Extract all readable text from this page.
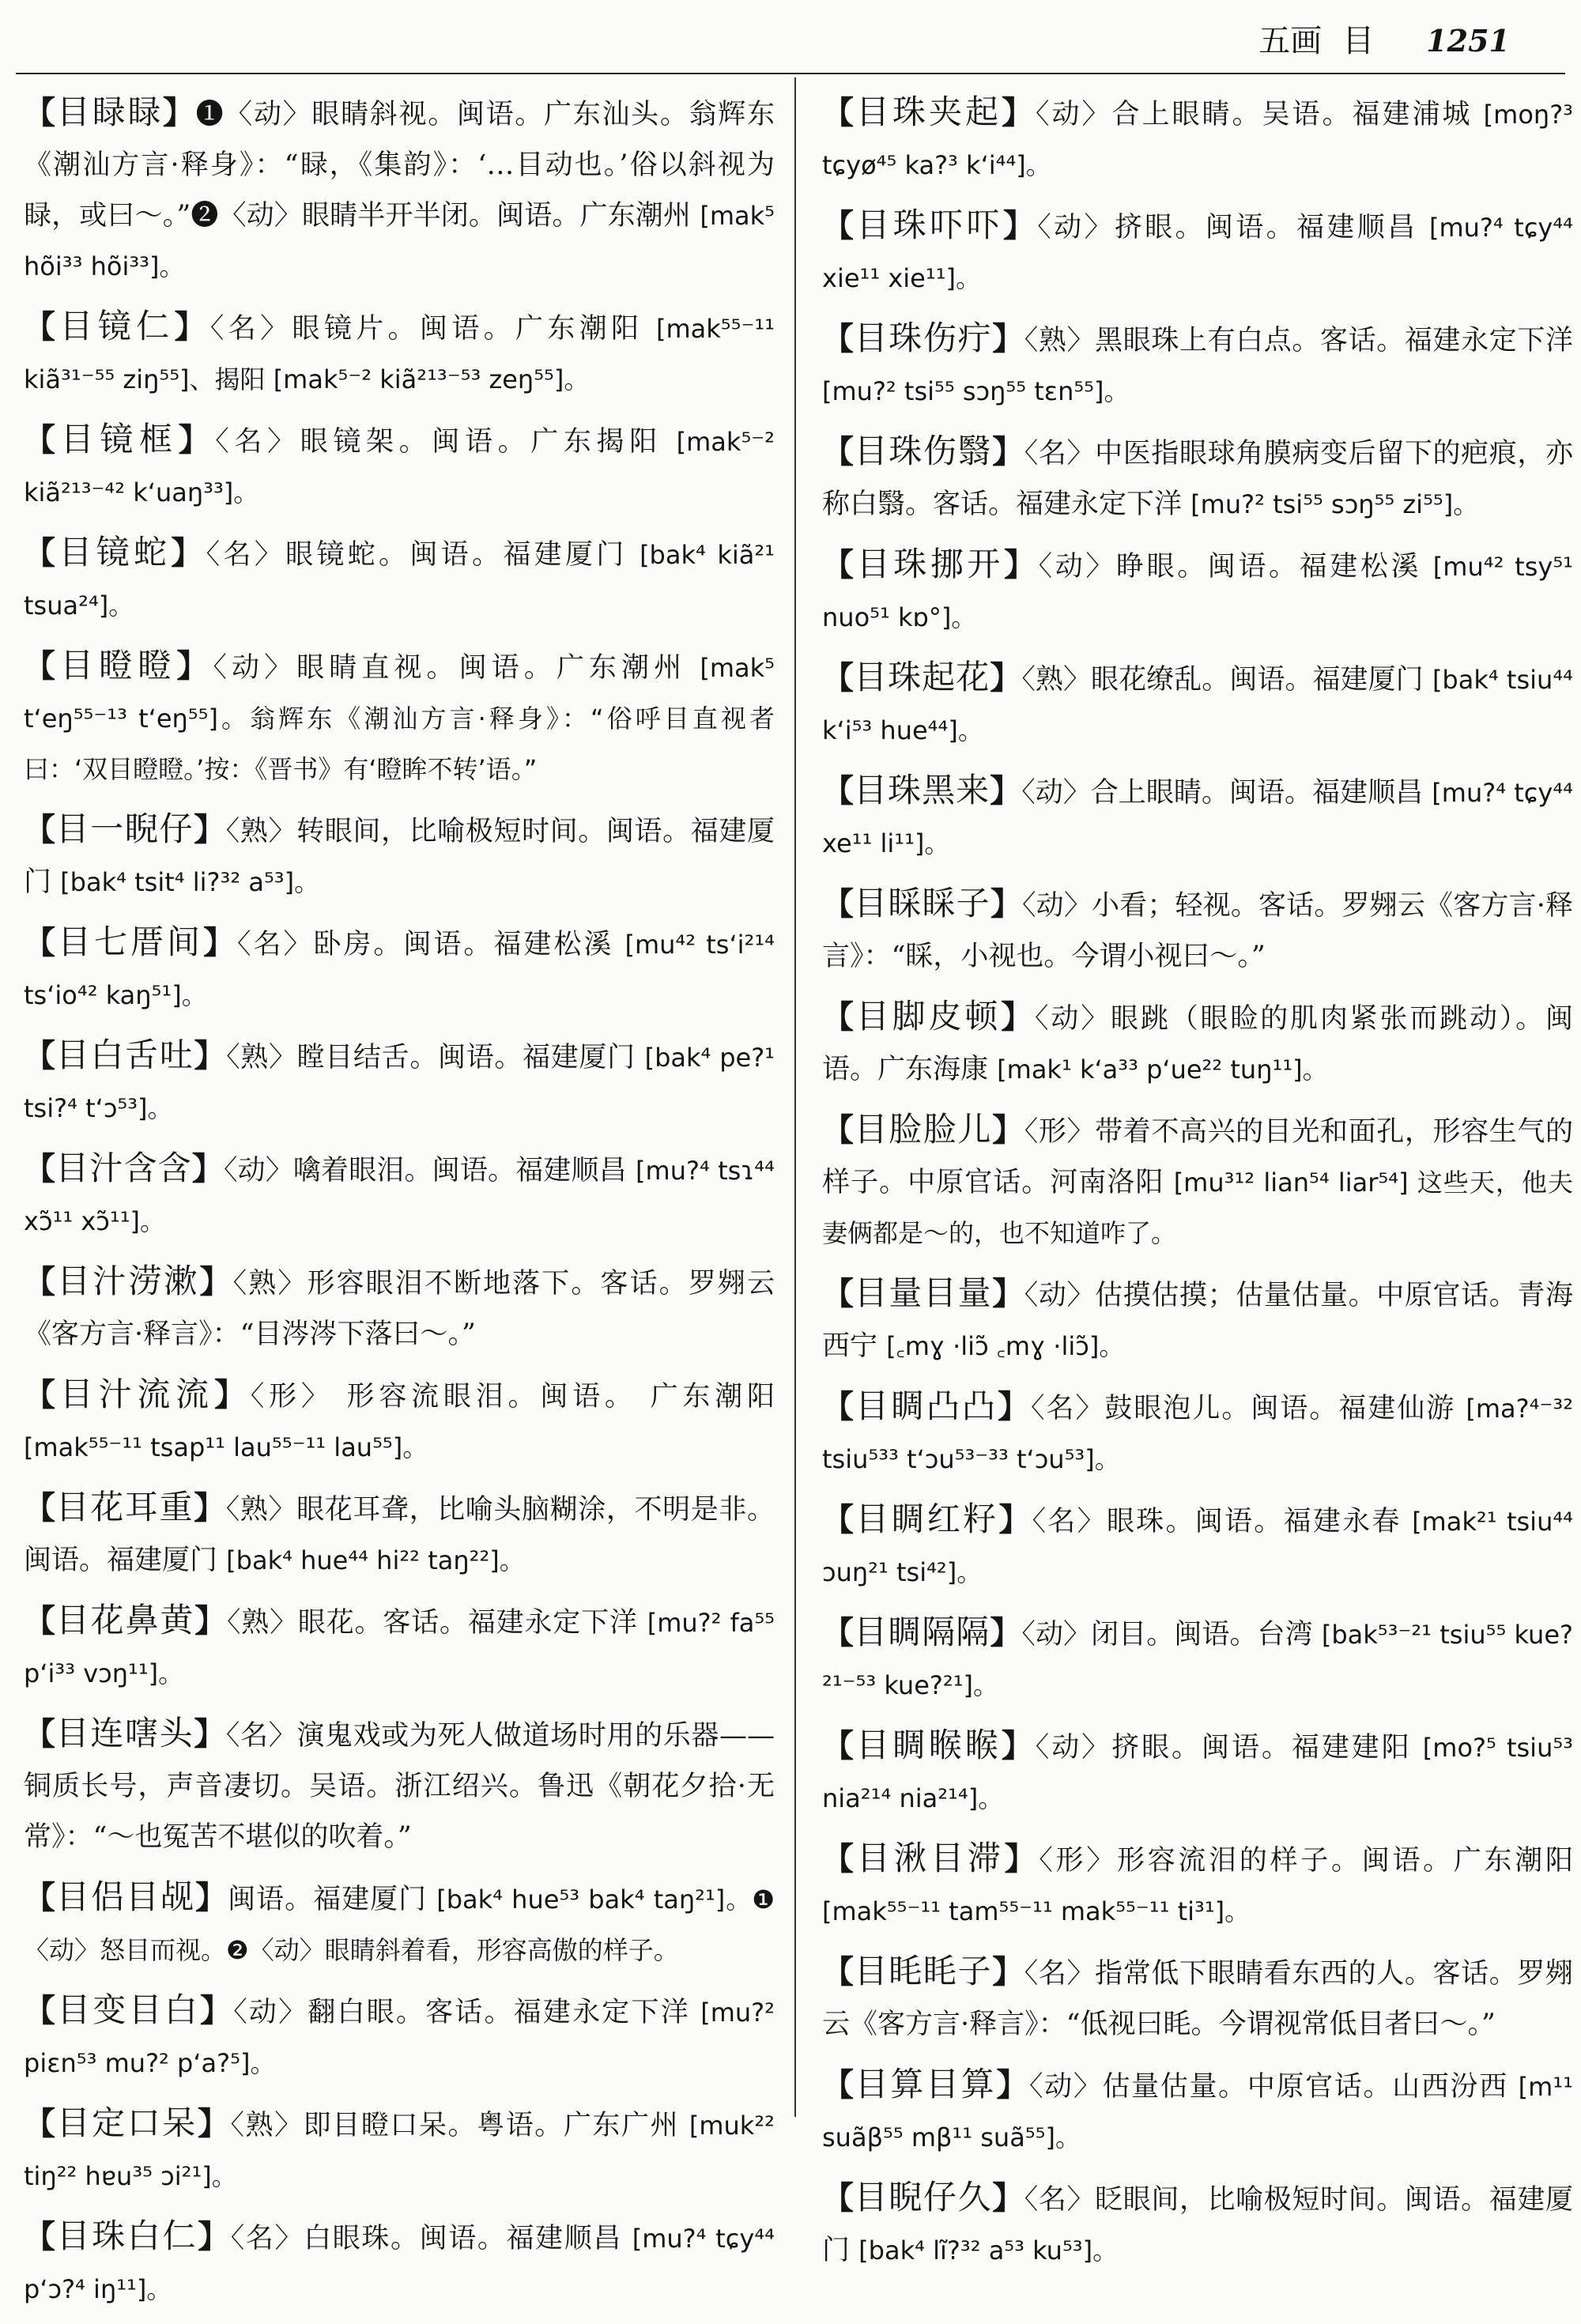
五画 目 1251

【目睩睩】❶〈动〉眼睛斜视。闽语。广东汕头。翁辉东《潮汕方言·释身》：“睩，《集韵》：‘…目动也。’俗以斜视为睩，或曰～。”❷〈动〉眼睛半开半闭。闽语。广东潮州 [mak⁵ hõi³³ hõi³³]。

【目镜仁】〈名〉眼镜片。闽语。广东潮阳 [mak⁵⁵⁻¹¹ kiã³¹⁻⁵⁵ ziŋ⁵⁵]、揭阳 [mak⁵⁻² kiã²¹³⁻⁵³ zeŋ⁵⁵]。

【目镜框】〈名〉眼镜架。闽语。广东揭阳 [mak⁵⁻² kiã²¹³⁻⁴² k‘uaŋ³³]。

【目镜蛇】〈名〉眼镜蛇。闽语。福建厦门 [bak⁴ kiã²¹ tsua²⁴]。

【目瞪瞪】〈动〉眼睛直视。闽语。广东潮州 [mak⁵ t‘eŋ⁵⁵⁻¹³ t‘eŋ⁵⁵]。翁辉东《潮汕方言·释身》：“俗呼目直视者曰：‘双目瞪瞪。’按：《晋书》有‘瞪眸不转’语。”

【目一睨仔】〈熟〉转眼间，比喻极短时间。闽语。福建厦门 [bak⁴ tsit⁴ li?³² a⁵³]。

【目七厝间】〈名〉卧房。闽语。福建松溪 [mu⁴² ts‘i²¹⁴ ts‘io⁴² kaŋ⁵¹]。

【目白舌吐】〈熟〉瞠目结舌。闽语。福建厦门 [bak⁴ pe?¹ tsi?⁴ t‘ɔ⁵³]。

【目汁含含】〈动〉噙着眼泪。闽语。福建顺昌 [mu?⁴ tsɿ⁴⁴ xɔ̃¹¹ xɔ̃¹¹]。

【目汁涝漱】〈熟〉形容眼泪不断地落下。客话。罗翙云《客方言·释言》：“目涔涔下落曰～。”

【目汁流流】〈形〉 形容流眼泪。闽语。 广东潮阳 [mak⁵⁵⁻¹¹ tsap¹¹ lau⁵⁵⁻¹¹ lau⁵⁵]。

【目花耳重】〈熟〉眼花耳聋，比喻头脑糊涂，不明是非。闽语。福建厦门 [bak⁴ hue⁴⁴ hi²² taŋ²²]。

【目花鼻黄】〈熟〉眼花。客话。福建永定下洋 [mu?² fa⁵⁵ p‘i³³ vɔŋ¹¹]。

【目连嗐头】〈名〉演鬼戏或为死人做道场时用的乐器——铜质长号，声音凄切。吴语。浙江绍兴。鲁迅《朝花夕拾·无常》：“～也冤苦不堪似的吹着。”

【目侣目觇】闽语。福建厦门 [bak⁴ hue⁵³ bak⁴ taŋ²¹]。❶〈动〉怒目而视。❷〈动〉眼睛斜着看，形容高傲的样子。

【目变目白】〈动〉翻白眼。客话。福建永定下洋 [mu?² piɛn⁵³ mu?² p‘a?⁵]。

【目定口呆】〈熟〉即目瞪口呆。粤语。广东广州 [muk²² tiŋ²² hɐu³⁵ ɔi²¹]。

【目珠白仁】〈名〉白眼珠。闽语。福建顺昌 [mu?⁴ tɕy⁴⁴ p‘ɔ?⁴ iŋ¹¹]。

【目珠夹起】〈动〉合上眼睛。吴语。福建浦城 [moŋ?³ tɕyø⁴⁵ ka?³ k‘i⁴⁴]。

【目珠吓吓】〈动〉挤眼。闽语。福建顺昌 [mu?⁴ tɕy⁴⁴ xie¹¹ xie¹¹]。

【目珠伤疔】〈熟〉黑眼珠上有白点。客话。福建永定下洋 [mu?² tsi⁵⁵ sɔŋ⁵⁵ tɛn⁵⁵]。

【目珠伤翳】〈名〉中医指眼球角膜病变后留下的疤痕，亦称白翳。客话。福建永定下洋 [mu?² tsi⁵⁵ sɔŋ⁵⁵ zi⁵⁵]。

【目珠挪开】〈动〉睁眼。闽语。福建松溪 [mu⁴² tsy⁵¹ nuo⁵¹ kɒ°]。

【目珠起花】〈熟〉眼花缭乱。闽语。福建厦门 [bak⁴ tsiu⁴⁴ k‘i⁵³ hue⁴⁴]。

【目珠黑来】〈动〉合上眼睛。闽语。福建顺昌 [mu?⁴ tɕy⁴⁴ xe¹¹ li¹¹]。

【目睬睬子】〈动〉小看；轻视。客话。罗翙云《客方言·释言》：“睬，小视也。今谓小视曰～。”

【目脚皮顿】〈动〉眼跳（眼睑的肌肉紧张而跳动）。闽语。广东海康 [mak¹ k‘a³³ p‘ue²² tuŋ¹¹]。

【目脸脸儿】〈形〉带着不高兴的目光和面孔，形容生气的样子。中原官话。河南洛阳 [mu³¹² lian⁵⁴ liar⁵⁴] 这些天，他夫妻俩都是～的，也不知道咋了。

【目量目量】〈动〉估摸估摸；估量估量。中原官话。青海西宁 [꜀mɣ ·liɔ̃ ꜀mɣ ·liɔ̃]。

【目睭凸凸】〈名〉鼓眼泡儿。闽语。福建仙游 [ma?⁴⁻³² tsiu⁵³³ t‘ɔu⁵³⁻³³ t‘ɔu⁵³]。

【目睭红籽】〈名〉眼珠。闽语。福建永春 [mak²¹ tsiu⁴⁴ ɔuŋ²¹ tsi⁴²]。

【目睭隔隔】〈动〉闭目。闽语。台湾 [bak⁵³⁻²¹ tsiu⁵⁵ kue?²¹⁻⁵³ kue?²¹]。

【目睭睺睺】〈动〉挤眼。闽语。福建建阳 [mo?⁵ tsiu⁵³ nia²¹⁴ nia²¹⁴]。

【目湫目滞】〈形〉形容流泪的样子。闽语。广东潮阳 [mak⁵⁵⁻¹¹ tam⁵⁵⁻¹¹ mak⁵⁵⁻¹¹ ti³¹]。

【目眊眊子】〈名〉指常低下眼睛看东西的人。客话。罗翙云《客方言·释言》：“低视曰眊。今谓视常低目者曰～。”

【目算目算】〈动〉估量估量。中原官话。山西汾西 [m¹¹ suãβ⁵⁵ mβ¹¹ suã⁵⁵]。

【目睨仔久】〈名〉眨眼间，比喻极短时间。闽语。福建厦门 [bak⁴ lĩ?³² a⁵³ ku⁵³]。
